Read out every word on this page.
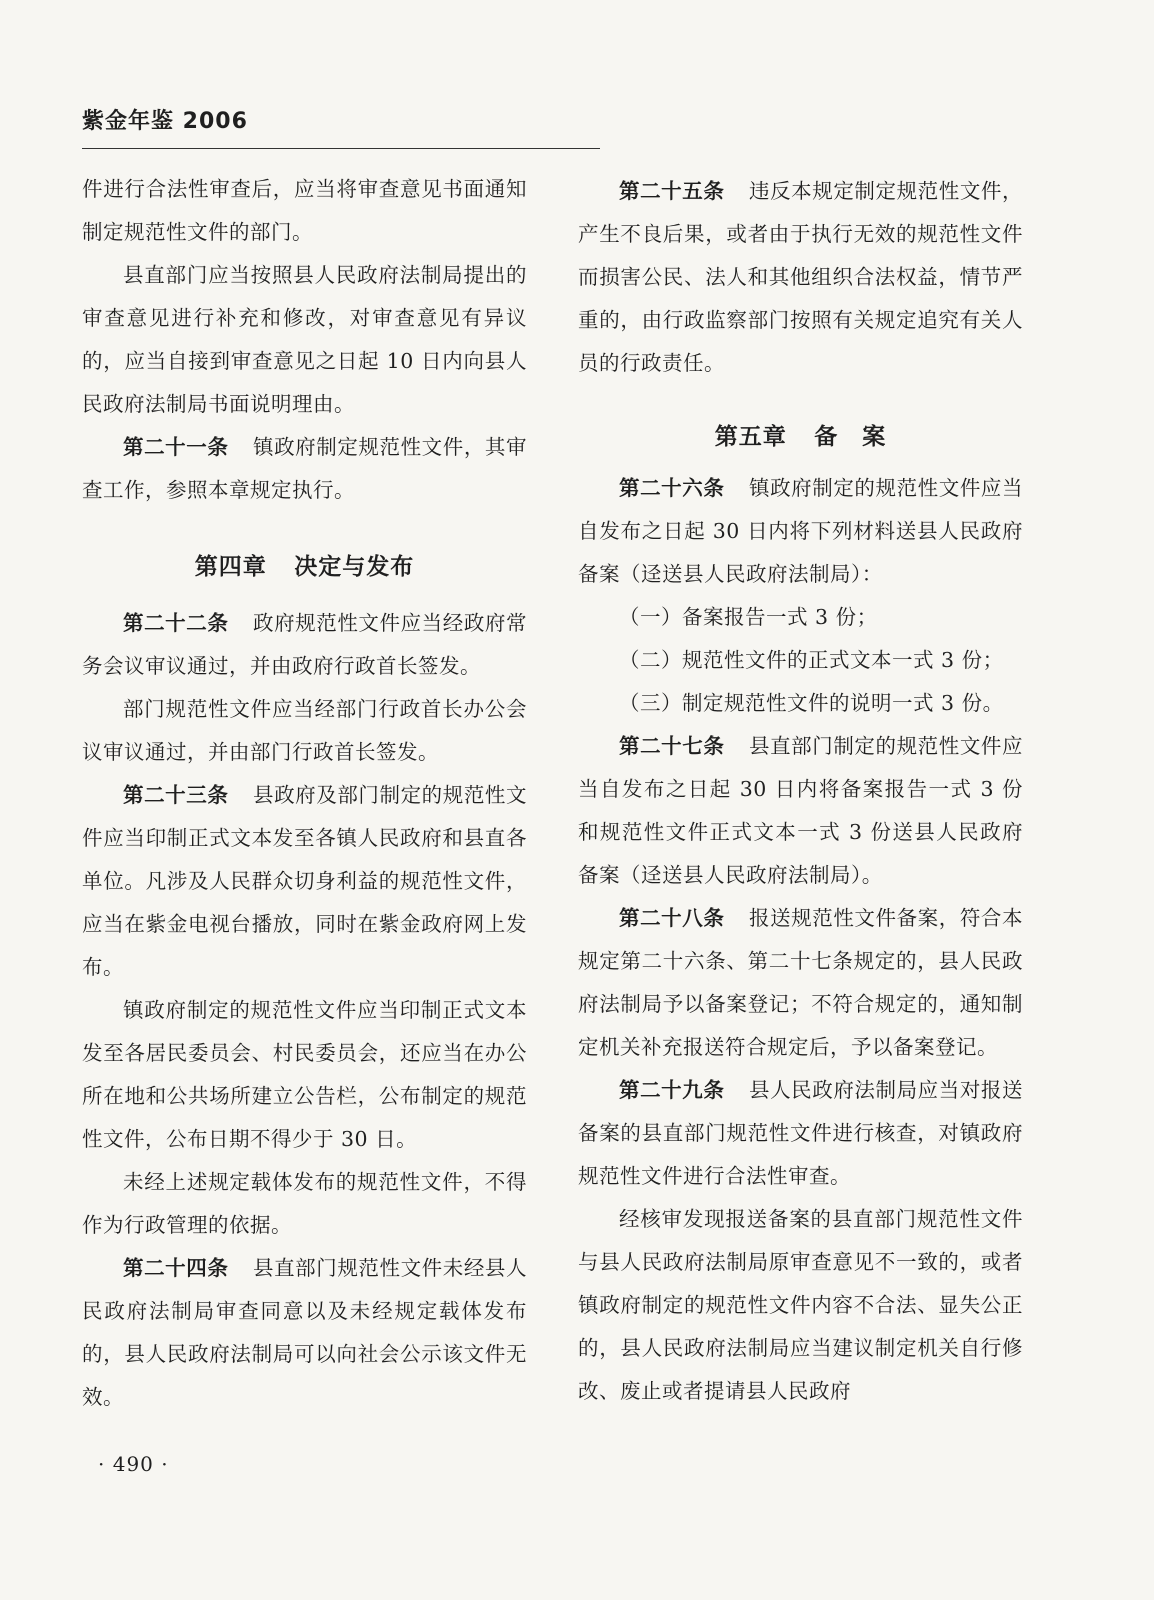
紫金年鉴 2006

件进行合法性审查后，应当将审查意见书面通知制定规范性文件的部门。

县直部门应当按照县人民政府法制局提出的审查意见进行补充和修改，对审查意见有异议的，应当自接到审查意见之日起 10 日内向县人民政府法制局书面说明理由。

第二十一条 镇政府制定规范性文件，其审查工作，参照本章规定执行。

第四章 决定与发布

第二十二条 政府规范性文件应当经政府常务会议审议通过，并由政府行政首长签发。

部门规范性文件应当经部门行政首长办公会议审议通过，并由部门行政首长签发。

第二十三条 县政府及部门制定的规范性文件应当印制正式文本发至各镇人民政府和县直各单位。凡涉及人民群众切身利益的规范性文件，应当在紫金电视台播放，同时在紫金政府网上发布。

镇政府制定的规范性文件应当印制正式文本发至各居民委员会、村民委员会，还应当在办公所在地和公共场所建立公告栏，公布制定的规范性文件，公布日期不得少于 30 日。

未经上述规定载体发布的规范性文件，不得作为行政管理的依据。

第二十四条 县直部门规范性文件未经县人民政府法制局审查同意以及未经规定载体发布的，县人民政府法制局可以向社会公示该文件无效。

第二十五条 违反本规定制定规范性文件，产生不良后果，或者由于执行无效的规范性文件而损害公民、法人和其他组织合法权益，情节严重的，由行政监察部门按照有关规定追究有关人员的行政责任。

第五章 备　案

第二十六条 镇政府制定的规范性文件应当自发布之日起 30 日内将下列材料送县人民政府备案（迳送县人民政府法制局）：

（一）备案报告一式 3 份；

（二）规范性文件的正式文本一式 3 份；

（三）制定规范性文件的说明一式 3 份。

第二十七条 县直部门制定的规范性文件应当自发布之日起 30 日内将备案报告一式 3 份和规范性文件正式文本一式 3 份送县人民政府备案（迳送县人民政府法制局）。

第二十八条 报送规范性文件备案，符合本规定第二十六条、第二十七条规定的，县人民政府法制局予以备案登记；不符合规定的，通知制定机关补充报送符合规定后，予以备案登记。

第二十九条 县人民政府法制局应当对报送备案的县直部门规范性文件进行核查，对镇政府规范性文件进行合法性审查。

经核审发现报送备案的县直部门规范性文件与县人民政府法制局原审查意见不一致的，或者镇政府制定的规范性文件内容不合法、显失公正的，县人民政府法制局应当建议制定机关自行修改、废止或者提请县人民政府

· 490 ·
